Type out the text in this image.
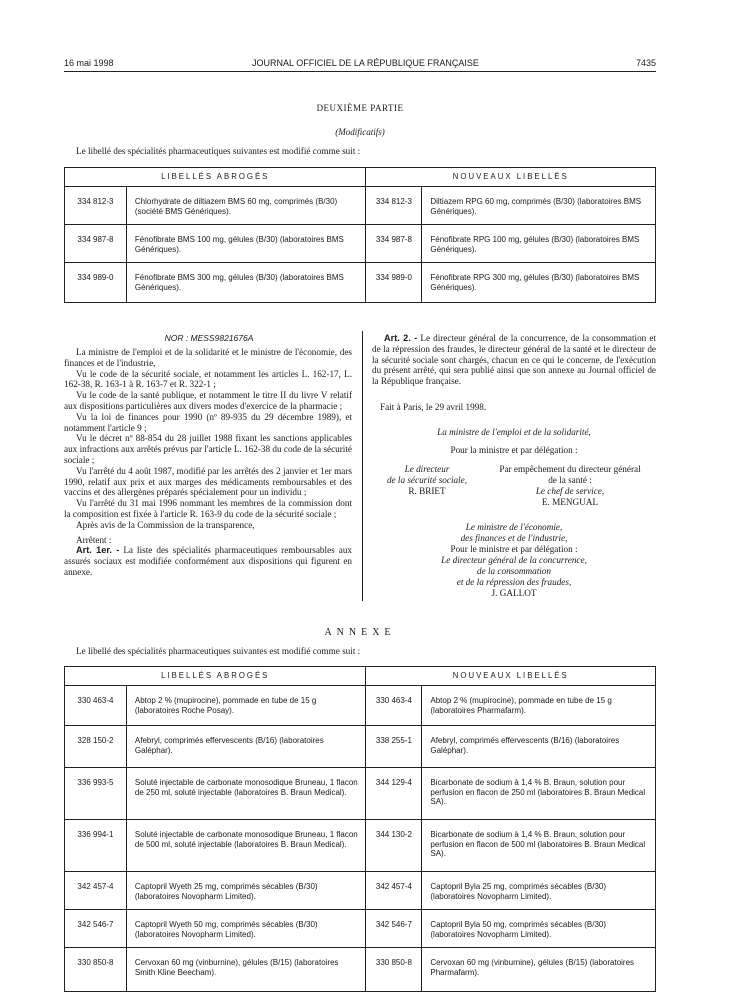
16 mai 1998	JOURNAL OFFICIEL DE LA RÉPUBLIQUE FRANÇAISE	7435
DEUXIÈME PARTIE
(Modificatifs)
Le libellé des spécialités pharmaceutiques suivantes est modifié comme suit :
LIBELLÉS ABROGÉS		NOUVEAUX LIBELLÉS	
334 812-3	Chlorhydrate de diltiazem BMS 60 mg, comprimés (B/30) (société BMS Génériques).	334 812-3	Diltiazem RPG 60 mg, comprimés (B/30) (laboratoires BMS Génériques).
334 987-8	Fénofibrate BMS 100 mg, gélules (B/30) (laboratoires BMS Génériques).	334 987-8	Fénofibrate RPG 100 mg, gélules (B/30) (laboratoires BMS Génériques).
334 989-0	Fénofibrate BMS 300 mg, gélules (B/30) (laboratoires BMS Génériques).	334 989-0	Fénofibrate RPG 300 mg, gélules (B/30) (laboratoires BMS Génériques).
NOR : MESS9821676A

La ministre de l'emploi et de la solidarité et le ministre de l'économie, des finances et de l'industrie,

Vu le code de la sécurité sociale, et notamment les articles L. 162-17, L. 162-38, R. 163-1 à R. 163-7 et R. 322-1 ;

Vu le code de la santé publique, et notamment le titre II du livre V relatif aux dispositions particulières aux divers modes d'exercice de la pharmacie ;

Vu la loi de finances pour 1990 (nº 89-935 du 29 décembre 1989), et notamment l'article 9 ;

Vu le décret nº 88-854 du 28 juillet 1988 fixant les sanctions applicables aux infractions aux arrêtés prévus par l'article L. 162-38 du code de la sécurité sociale ;

Vu l'arrêté du 4 août 1987, modifié par les arrêtés des 2 janvier et 1er mars 1990, relatif aux prix et aux marges des médicaments remboursables et des vaccins et des allergènes préparés spécialement pour un individu ;

Vu l'arrêté du 31 mai 1996 nommant les membres de la commission dont la composition est fixée à l'article R. 163-9 du code de la sécurité sociale ;

Après avis de la Commission de la transparence,

Arrêtent :

Art. 1er. - La liste des spécialités pharmaceutiques remboursables aux assurés sociaux est modifiée conformément aux dispositions qui figurent en annexe.

Art. 2. - Le directeur général de la concurrence, de la consommation et de la répression des fraudes, le directeur général de la santé et le directeur de la sécurité sociale sont chargés, chacun en ce qui le concerne, de l'exécution du présent arrêté, qui sera publié ainsi que son annexe au Journal officiel de la République française.

Fait à Paris, le 29 avril 1998.
La ministre de l'emploi et de la solidarité,
Pour la ministre et par délégation :
Le directeur
de la sécurité sociale,
R. BRIET
Par empêchement du directeur général
de la santé :
Le chef de service,
E. MENGUAL
Le ministre de l'économie,
des finances et de l'industrie,
Pour le ministre et par délégation :
Le directeur général de la concurrence,
de la consommation
et de la répression des fraudes,
J. GALLOT
ANNEXE
Le libellé des spécialités pharmaceutiques suivantes est modifié comme suit :
LIBELLÉS ABROGÉS		NOUVEAUX LIBELLÉS	
330 463-4	Abtop 2 % (mupirocine), pommade en tube de 15 g (laboratoires Roche Posay).	330 463-4	Abtop 2 % (mupirocine), pommade en tube de 15 g (laboratoires Pharmafarm).
328 150-2	Afebryl, comprimés effervescents (B/16) (laboratoires Galéphar).	338 255-1	Afebryl, comprimés effervescents (B/16) (laboratoires Galéphar).
336 993-5	Soluté injectable de carbonate monosodique Bruneau, 1 flacon de 250 ml, soluté injectable (laboratoires B. Braun Medical).	344 129-4	Bicarbonate de sodium à 1,4 % B. Braun, solution pour perfusion en flacon de 250 ml (laboratoires B. Braun Medical SA).
336 994-1	Soluté injectable de carbonate monosodique Bruneau, 1 flacon de 500 ml, soluté injectable (laboratoires B. Braun Medical).	344 130-2	Bicarbonate de sodium à 1,4 % B. Braun, solution pour perfusion en flacon de 500 ml (laboratoires B. Braun Medical SA).
342 457-4	Captopril Wyeth 25 mg, comprimés sécables (B/30) (laboratoires Novopharm Limited).	342 457-4	Captopril Byla 25 mg, comprimés sécables (B/30) (laboratoires Novopharm Limited).
342 546-7	Captopril Wyeth 50 mg, comprimés sécables (B/30) (laboratoires Novopharm Limited).	342 546-7	Captopril Byla 50 mg, comprimés sécables (B/30) (laboratoires Novopharm Limited).
330 850-8	Cervoxan 60 mg (vinburnine), gélules (B/15) (laboratoires Smith Kline Beecham).	330 850-8	Cervoxan 60 mg (vinburnine), gélules (B/15) (laboratoires Pharmafarm).
